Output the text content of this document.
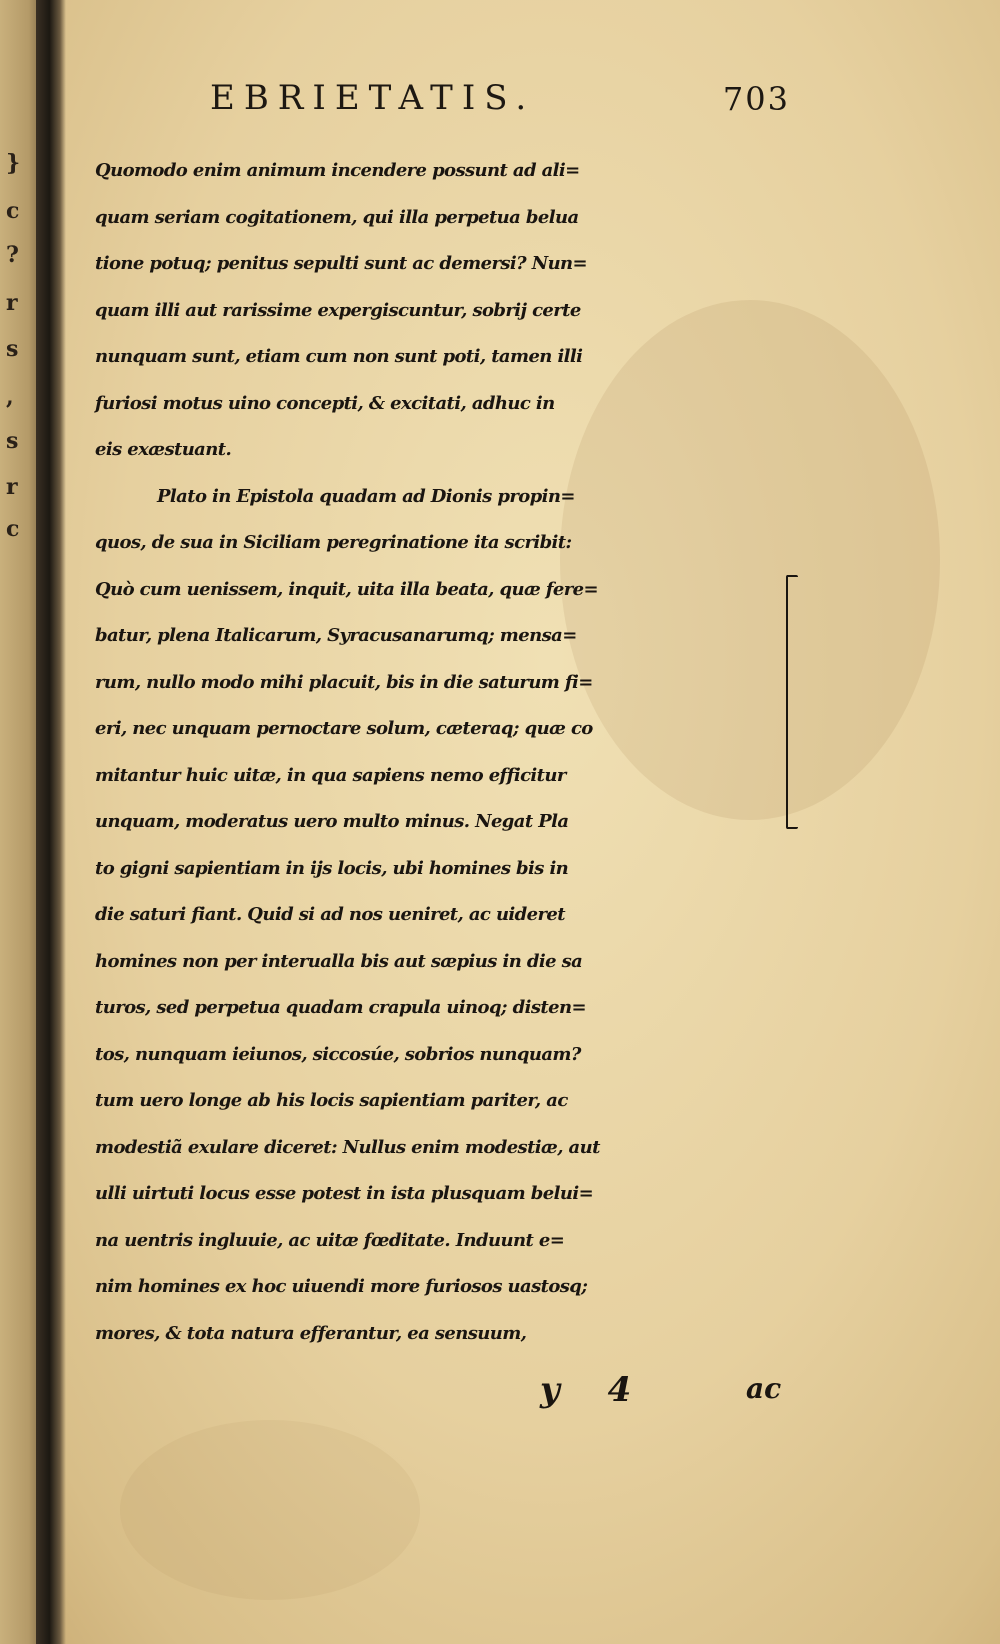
}
c
?
r
s
,
s
r
c
EBRIETATIS.	703
Quomodo enim animum incendere possunt ad ali=
quam seriam cogitationem, qui illa perpetua belua
tione potuq; penitus sepulti sunt ac demersi? Nun=
quam illi aut rarissime expergiscuntur, sobrij certe
nunquam sunt, etiam cum non sunt poti, tamen illi
furiosi motus uino concepti, & excitati, adhuc in
eis exæstuant.
Plato in Epistola quadam ad Dionis propin=
quos, de sua in Siciliam peregrinatione ita scribit:
Quò cum uenissem, inquit, uita illa beata, quæ fere=
batur, plena Italicarum, Syracusanarumq; mensa=
rum, nullo modo mihi placuit, bis in die saturum fi=
eri, nec unquam pernoctare solum, cæteraq; quæ co
mitantur huic uitæ, in qua sapiens nemo efficitur
unquam, moderatus uero multo minus. Negat Pla
to gigni sapientiam in ijs locis, ubi homines bis in
die saturi fiant. Quid si ad nos ueniret, ac uideret
homines non per interualla bis aut sæpius in die sa
turos, sed perpetua quadam crapula uinoq; disten=
tos, nunquam ieiunos, siccosúe, sobrios nunquam?
tum uero longe ab his locis sapientiam pariter, ac
modestiã exulare diceret: Nullus enim modestiæ, aut
ulli uirtuti locus esse potest in ista plusquam belui=
na uentris ingluuie, ac uitæ fœditate. Induunt e=
nim homines ex hoc uiuendi more furiosos uastosq;
mores, & tota natura efferantur, ea sensuum,
y 4	ac
